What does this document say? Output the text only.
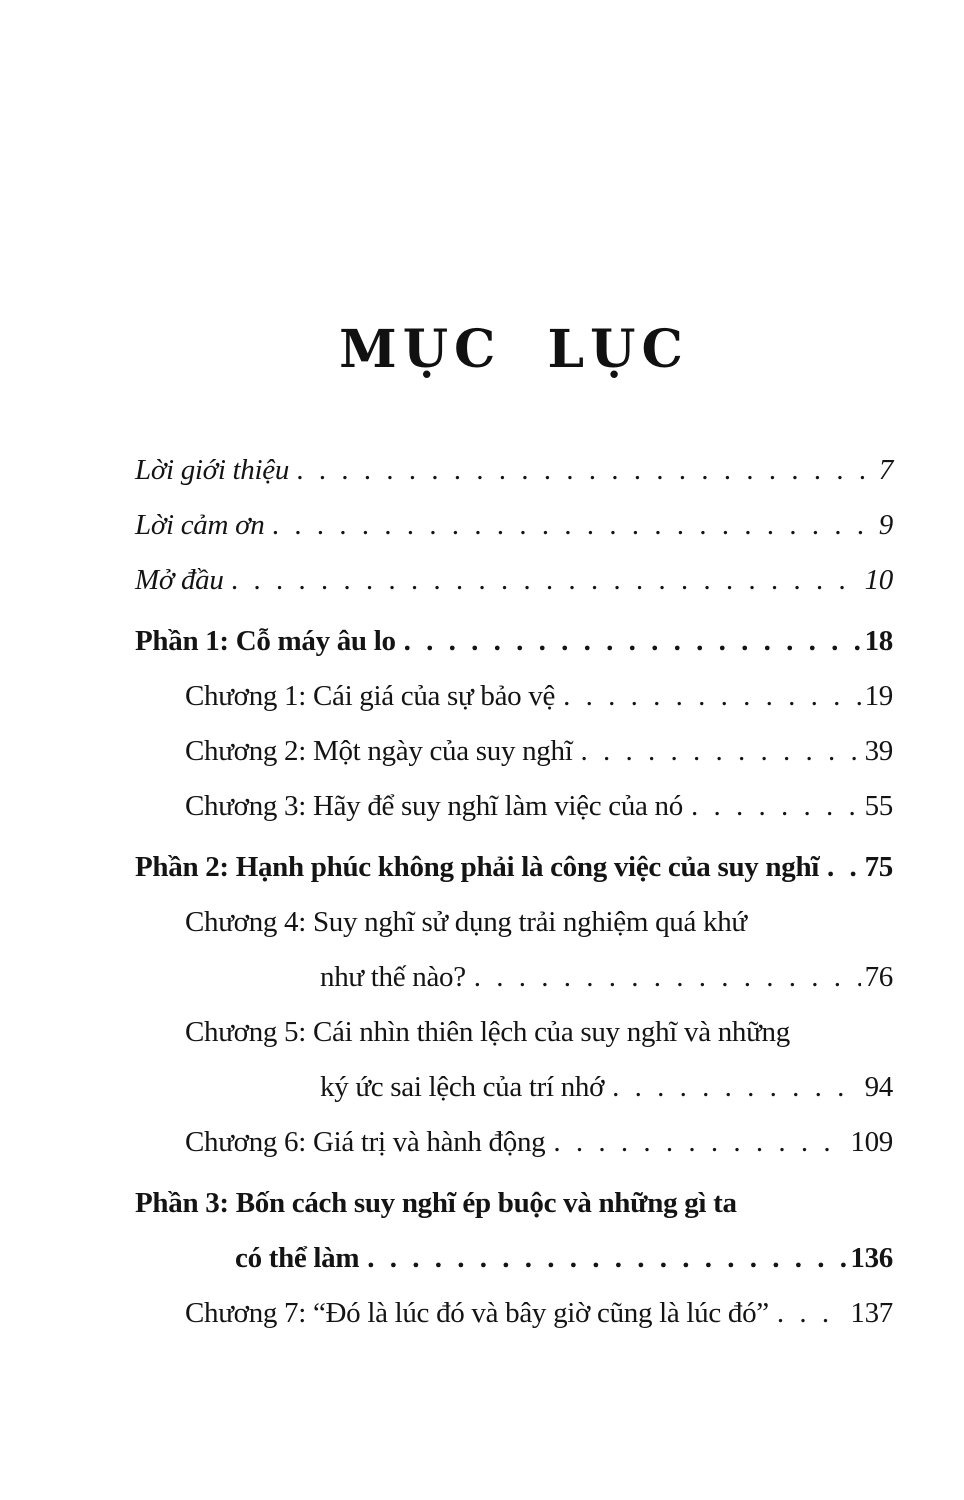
MỤC LỤC
Lời giới thiệu . . .	7
Lời cảm ơn . . .	9
Mở đầu . . .	10
Phần 1: Cỗ máy âu lo . . .	18
Chương 1: Cái giá của sự bảo vệ . . .	19
Chương 2: Một ngày của suy nghĩ . . .	39
Chương 3: Hãy để suy nghĩ làm việc của nó . . .	55
Phần 2: Hạnh phúc không phải là công việc của suy nghĩ . . . 75
Chương 4: Suy nghĩ sử dụng trải nghiệm quá khứ
như thế nào? . . .	76
Chương 5: Cái nhìn thiên lệch của suy nghĩ và những
ký ức sai lệch của trí nhớ . . .	94
Chương 6: Giá trị và hành động . . .	109
Phần 3: Bốn cách suy nghĩ ép buộc và những gì ta
có thể làm . . .	136
Chương 7: “Đó là lúc đó và bây giờ cũng là lúc đó” . . .	137
